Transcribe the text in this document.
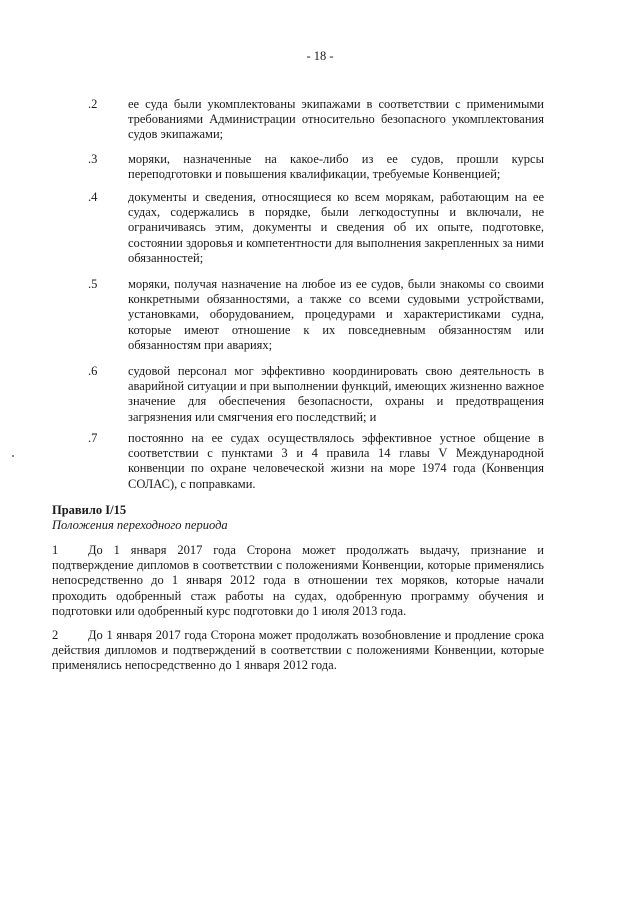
- 18 -
.2 ее суда были укомплектованы экипажами в соответствии с применимыми требованиями Администрации относительно безопасного укомплектования судов экипажами;
.3 моряки, назначенные на какое-либо из ее судов, прошли курсы переподготовки и повышения квалификации, требуемые Конвенцией;
.4 документы и сведения, относящиеся ко всем морякам, работающим на ее судах, содержались в порядке, были легкодоступны и включали, не ограничиваясь этим, документы и сведения об их опыте, подготовке, состоянии здоровья и компетентности для выполнения закрепленных за ними обязанностей;
.5 моряки, получая назначение на любое из ее судов, были знакомы со своими конкретными обязанностями, а также со всеми судовыми устройствами, установками, оборудованием, процедурами и характеристиками судна, которые имеют отношение к их повседневным обязанностям или обязанностям при авариях;
.6 судовой персонал мог эффективно координировать свою деятельность в аварийной ситуации и при выполнении функций, имеющих жизненно важное значение для обеспечения безопасности, охраны и предотвращения загрязнения или смягчения его последствий; и
.7 постоянно на ее судах осуществлялось эффективное устное общение в соответствии с пунктами 3 и 4 правила 14 главы V Международной конвенции по охране человеческой жизни на море 1974 года (Конвенция СОЛАС), с поправками.
Правило I/15
Положения переходного периода
1 До 1 января 2017 года Сторона может продолжать выдачу, признание и подтверждение дипломов в соответствии с положениями Конвенции, которые применялись непосредственно до 1 января 2012 года в отношении тех моряков, которые начали проходить одобренный стаж работы на судах, одобренную программу обучения и подготовки или одобренный курс подготовки до 1 июля 2013 года.
2 До 1 января 2017 года Сторона может продолжать возобновление и продление срока действия дипломов и подтверждений в соответствии с положениями Конвенции, которые применялись непосредственно до 1 января 2012 года.
